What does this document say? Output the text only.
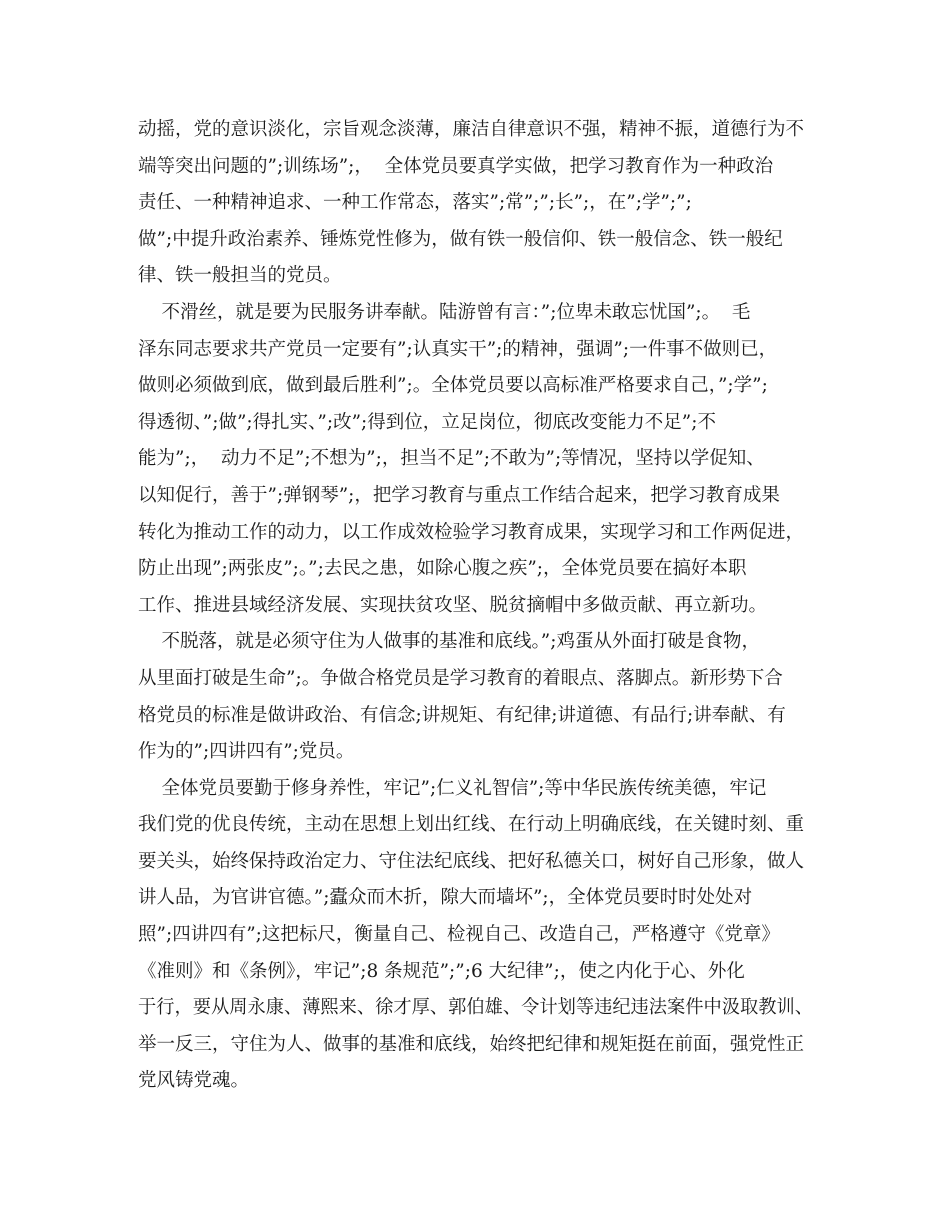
动摇，党的意识淡化，宗旨观念淡薄，廉洁自律意识不强，精神不振，道德行为不
端等突出问题的”;训练场”;，  全体党员要真学实做，把学习教育作为一种政治
责任、一种精神追求、一种工作常态，落实”;常”;”;长”;，在”;学”;”;
做”;中提升政治素养、锤炼党性修为，做有铁一般信仰、铁一般信念、铁一般纪
律、铁一般担当的党员。
不滑丝，就是要为民服务讲奉献。陆游曾有言：”;位卑未敢忘忧国”;。  毛
泽东同志要求共产党员一定要有”;认真实干”;的精神，强调”;一件事不做则已，
做则必须做到底，做到最后胜利”;。全体党员要以高标准严格要求自己，”;学”;
得透彻、”;做”;得扎实、”;改”;得到位，立足岗位，彻底改变能力不足”;不
能为”;，  动力不足”;不想为”;，担当不足”;不敢为”;等情况，坚持以学促知、
以知促行，善于”;弹钢琴”;，把学习教育与重点工作结合起来，把学习教育成果
转化为推动工作的动力，以工作成效检验学习教育成果，实现学习和工作两促进，
防止出现”;两张皮”;。”;去民之患，如除心腹之疾”;，全体党员要在搞好本职
工作、推进县域经济发展、实现扶贫攻坚、脱贫摘帽中多做贡献、再立新功。
不脱落，就是必须守住为人做事的基准和底线。”;鸡蛋从外面打破是食物，
从里面打破是生命”;。争做合格党员是学习教育的着眼点、落脚点。新形势下合
格党员的标准是做讲政治、有信念;讲规矩、有纪律;讲道德、有品行;讲奉献、有
作为的”;四讲四有”;党员。
全体党员要勤于修身养性，牢记”;仁义礼智信”;等中华民族传统美德，牢记
我们党的优良传统，主动在思想上划出红线、在行动上明确底线，在关键时刻、重
要关头，始终保持政治定力、守住法纪底线、把好私德关口，树好自己形象，做人
讲人品，为官讲官德。”;蠹众而木折，隙大而墙坏”;，全体党员要时时处处对
照”;四讲四有”;这把标尺，衡量自己、检视自己、改造自己，严格遵守《党章》
《准则》和《条例》，牢记”;8 条规范”;”;6 大纪律”;，使之内化于心、外化
于行，要从周永康、薄熙来、徐才厚、郭伯雄、令计划等违纪违法案件中汲取教训、
举一反三，守住为人、做事的基准和底线，始终把纪律和规矩挺在前面，强党性正
党风铸党魂。
